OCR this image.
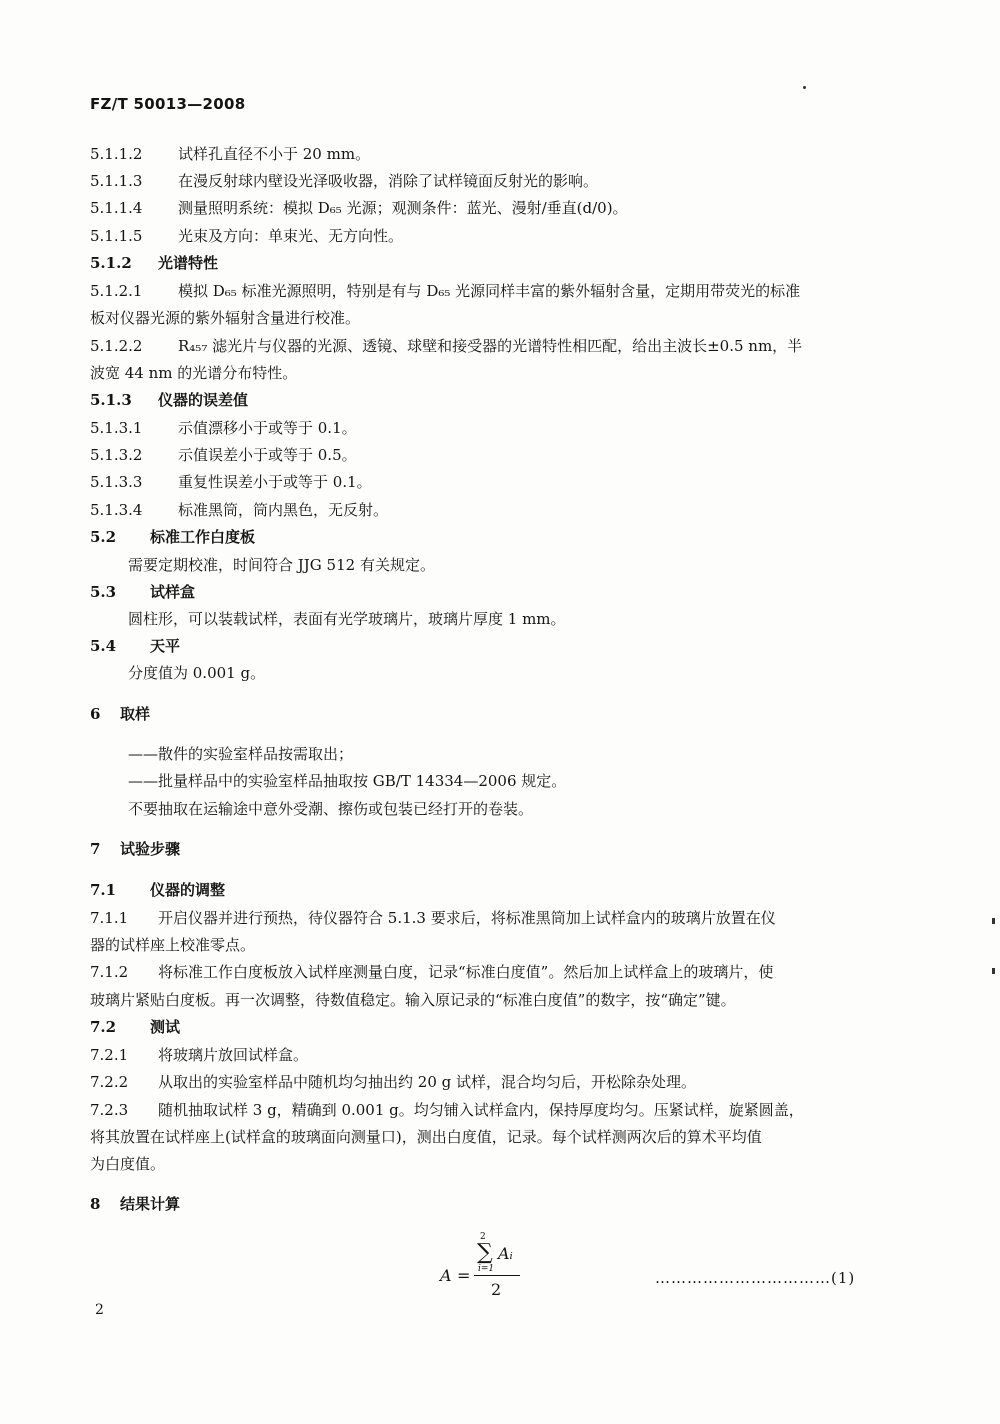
FZ/T 50013—2008
5.1.1.2 试样孔直径不小于 20 mm。
5.1.1.3 在漫反射球内壁设光泽吸收器，消除了试样镜面反射光的影响。
5.1.1.4 测量照明系统：模拟 D₆₅ 光源；观测条件：蓝光、漫射/垂直(d/0)。
5.1.1.5 光束及方向：单束光、无方向性。
5.1.2 光谱特性
5.1.2.1 模拟 D₆₅ 标准光源照明，特别是有与 D₆₅ 光源同样丰富的紫外辐射含量，定期用带荧光的标准
板对仪器光源的紫外辐射含量进行校准。
5.1.2.2 R₄₅₇ 滤光片与仪器的光源、透镜、球壁和接受器的光谱特性相匹配，给出主波长±0.5 nm，半
波宽 44 nm 的光谱分布特性。
5.1.3 仪器的误差值
5.1.3.1 示值漂移小于或等于 0.1。
5.1.3.2 示值误差小于或等于 0.5。
5.1.3.3 重复性误差小于或等于 0.1。
5.1.3.4 标准黑筒，筒内黑色，无反射。
5.2 标准工作白度板
需要定期校准，时间符合 JJG 512 有关规定。
5.3 试样盒
圆柱形，可以装载试样，表面有光学玻璃片，玻璃片厚度 1 mm。
5.4 天平
分度值为 0.001 g。
6 取样
——散件的实验室样品按需取出；
——批量样品中的实验室样品抽取按 GB/T 14334—2006 规定。
不要抽取在运输途中意外受潮、擦伤或包装已经打开的卷装。
7 试验步骤
7.1 仪器的调整
7.1.1 开启仪器并进行预热，待仪器符合 5.1.3 要求后，将标准黑筒加上试样盒内的玻璃片放置在仪
器的试样座上校准零点。
7.1.2 将标准工作白度板放入试样座测量白度，记录“标准白度值”。然后加上试样盒上的玻璃片，使
玻璃片紧贴白度板。再一次调整，待数值稳定。输入原记录的“标准白度值”的数字，按“确定”键。
7.2 测试
7.2.1 将玻璃片放回试样盒。
7.2.2 从取出的实验室样品中随机均匀抽出约 20 g 试样，混合均匀后，开松除杂处理。
7.2.3 随机抽取试样 3 g，精确到 0.001 g。均匀铺入试样盒内，保持厚度均匀。压紧试样，旋紧圆盖，
将其放置在试样座上(试样盒的玻璃面向测量口)，测出白度值，记录。每个试样测两次后的算术平均值
为白度值。
8 结果计算
A =
2
∑
i=1
Aᵢ
2
……………………………(1)
2
